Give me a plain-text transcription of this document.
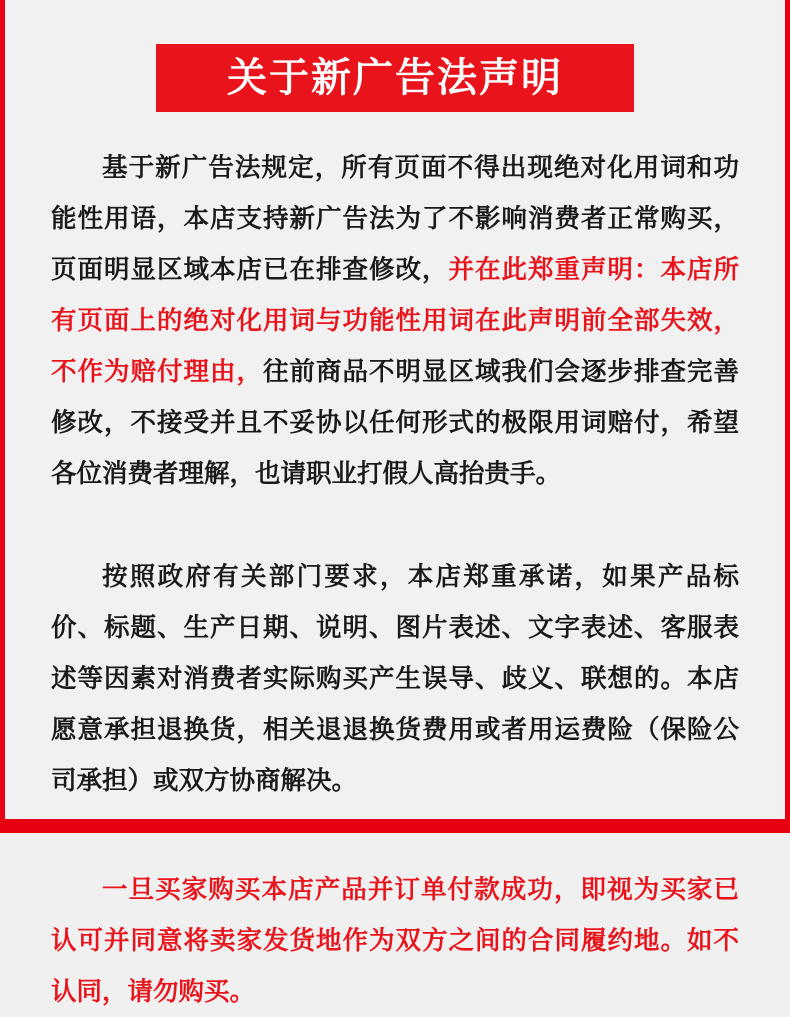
关于新广告法声明

基于新广告法规定，所有页面不得出现绝对化用词和功能性用语，本店支持新广告法为了不影响消费者正常购买，页面明显区域本店已在排查修改，并在此郑重声明：本店所有页面上的绝对化用词与功能性用词在此声明前全部失效，不作为赔付理由，往前商品不明显区域我们会逐步排查完善修改，不接受并且不妥协以任何形式的极限用词赔付，希望各位消费者理解，也请职业打假人高抬贵手。

按照政府有关部门要求，本店郑重承诺，如果产品标价、标题、生产日期、说明、图片表述、文字表述、客服表述等因素对消费者实际购买产生误导、歧义、联想的。本店愿意承担退换货，相关退退换货费用或者用运费险（保险公司承担）或双方协商解决。

一旦买家购买本店产品并订单付款成功，即视为买家已认可并同意将卖家发货地作为双方之间的合同履约地。如不认同，请勿购买。
